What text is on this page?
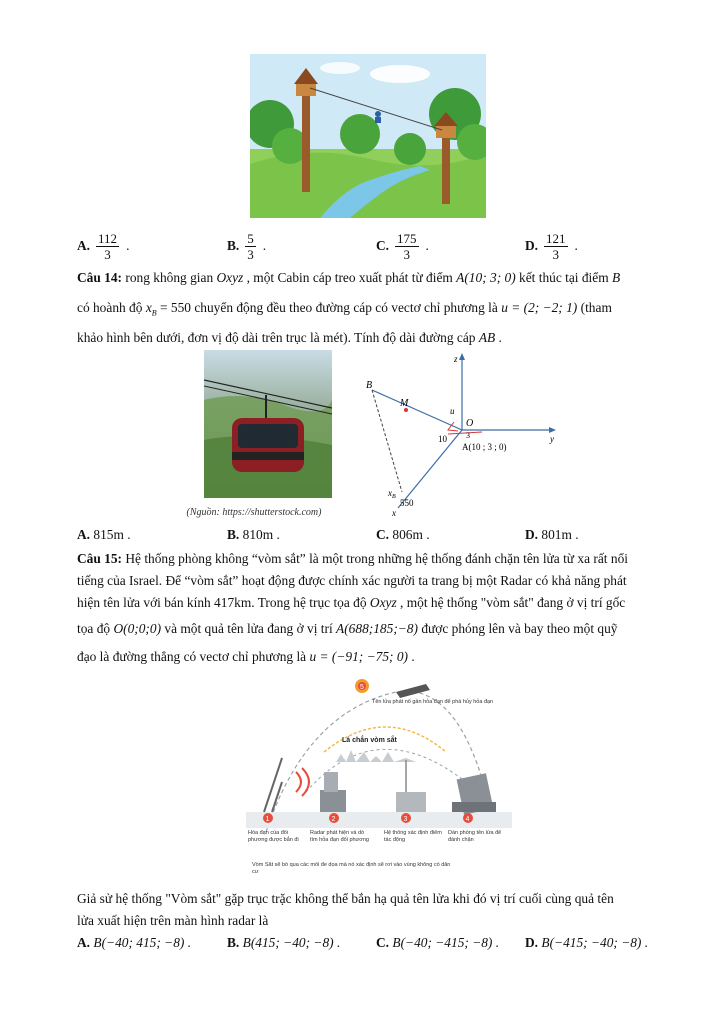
A. $\frac{112}{3}$ .	B. $\frac{5}{3}$ .	C. $\frac{175}{3}$ .	D. $\frac{121}{3}$ .
Câu 14: rong không gian Oxyz , một Cabin cáp treo xuất phát từ điểm A(10; 3; 0) kết thúc tại điểm B
có hoành độ $x_B = 550$ chuyển động đều theo đường cáp có vectơ chỉ phương là u = (2; −2; 1) (tham
khảo hình bên dưới, đơn vị độ dài trên trục là mét). Tính độ dài đường cáp AB .
(Nguồn: https://shutterstock.com)
B
M
z
u
O
y
10 3
A(10 ; 3 ; 0)
$x_B$
550
x
A. 815m .	B. 810m .	C. 806m .	D. 801m .
Câu 15: Hệ thống phòng không “vòm sắt” là một trong những hệ thống đánh chặn tên lửa từ xa rất nổi
tiếng của Israel. Để “vòm sắt” hoạt động được chính xác người ta trang bị một Radar có khả năng phát
hiện tên lửa với bán kính 417km. Trong hệ trục tọa độ Oxyz , một hệ thống "vòm sắt" đang ở vị trí gốc
tọa độ O(0;0;0) và một quả tên lửa đang ở vị trí A(688;185;−8) được phóng lên và bay theo một quỹ
đạo là đường thẳng có vectơ chỉ phương là u = (−91; −75; 0) .
5
Tên lửa phát nổ gần hỏa đạn để phá hủy hỏa đạn
Lá chắn vòm sắt
1	2	3	4
Hỏa đạn của đối phương được bắn đi
Radar phát hiện và dò tìm hỏa đạn đối phương
Hệ thống xác định điểm tác động
Dàn phóng tên lửa để đánh chặn
Vòm Sắt sẽ bỏ qua các mối đe dọa mà nó xác định sẽ rơi vào vùng không có dân cư
Giả sử hệ thống "Vòm sắt" gặp trục trặc không thể bắn hạ quả tên lửa khi đó vị trí cuối cùng quả tên
lửa xuất hiện trên màn hình radar là
A. B(−40; 415; −8) .	B. B(415; −40; −8) .	C. B(−40; −415; −8) . D. B(−415; −40; −8) .
